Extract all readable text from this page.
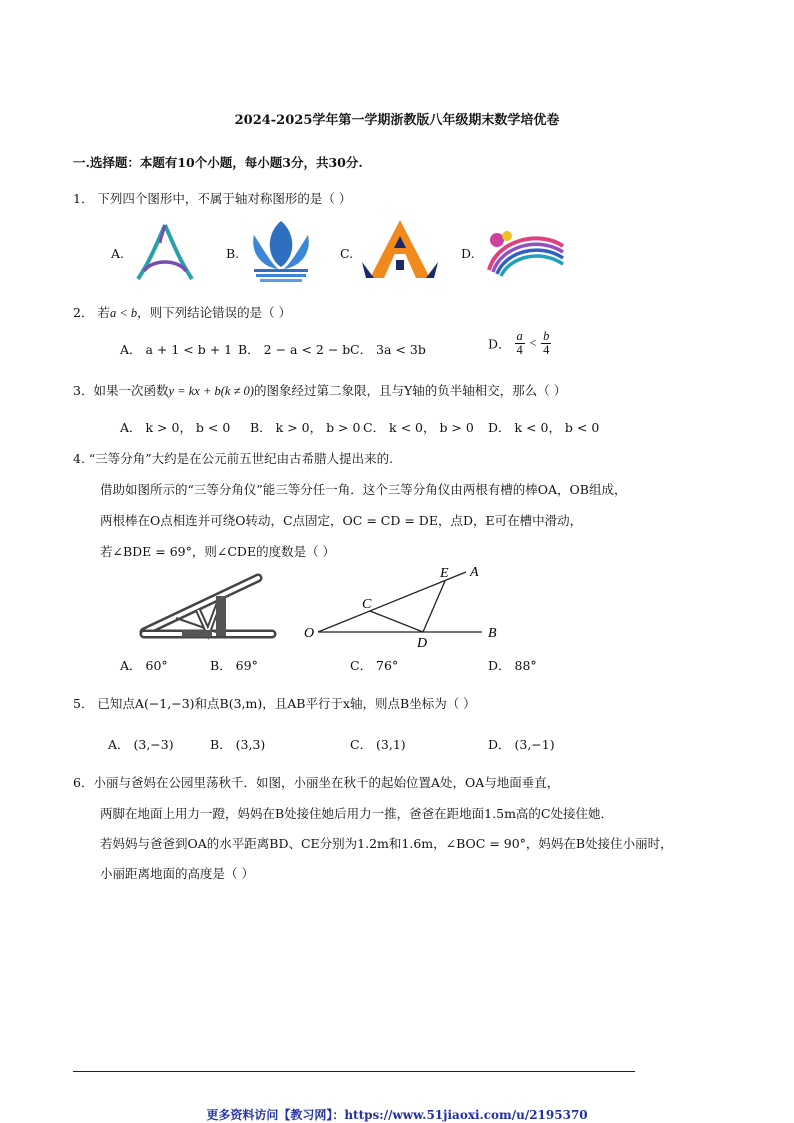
2024-2025学年第一学期浙教版八年级期末数学培优卷
一.选择题：本题有10个小题，每小题3分，共30分.
1． 下列四个图形中，不属于轴对称图形的是（ ）
A.	B.	C.	D.
2． 若a < b，则下列结论错误的是（ ）
A． a + 1 < b + 1 B． 2 − a < 2 − b C． 3a < 3b	D． $\frac{a}{4} < \frac{b}{4}$
3．如果一次函数y = kx + b(k ≠ 0)的图象经过第二象限，且与Y轴的负半轴相交，那么（ ）
A． k > 0， b < 0 B． k > 0， b > 0 C． k < 0， b > 0 D． k < 0， b < 0
4. “三等分角”大约是在公元前五世纪由古希腊人提出来的.
借助如图所示的“三等分角仪”能三等分任一角．这个三等分角仪由两根有槽的棒OA，OB组成，
两根棒在O点相连并可绕O转动，C点固定，OC = CD = DE，点D，E可在槽中滑动，
若∠BDE = 69°，则∠CDE的度数是（ ）
E A
C
O
D
B
A． 60°	B． 69°	C． 76°	D． 88°
5． 已知点A(−1,−3)和点B(3,m)，且AB平行于x轴，则点B坐标为（ ）
A． (3,−3)	B． (3,3)	C． (3,1)	D． (3,−1)
6．小丽与爸妈在公园里荡秋千．如图，小丽坐在秋千的起始位置A处，OA与地面垂直，
两脚在地面上用力一蹬，妈妈在B处接住她后用力一推，爸爸在距地面1.5m高的C处接住她．
若妈妈与爸爸到OA的水平距离BD、CE分别为1.2m和1.6m，∠BOC = 90°，妈妈在B处接住小丽时，
小丽距离地面的高度是（ ）
更多资料访问【教习网】：https://www.51jiaoxi.com/u/2195370
